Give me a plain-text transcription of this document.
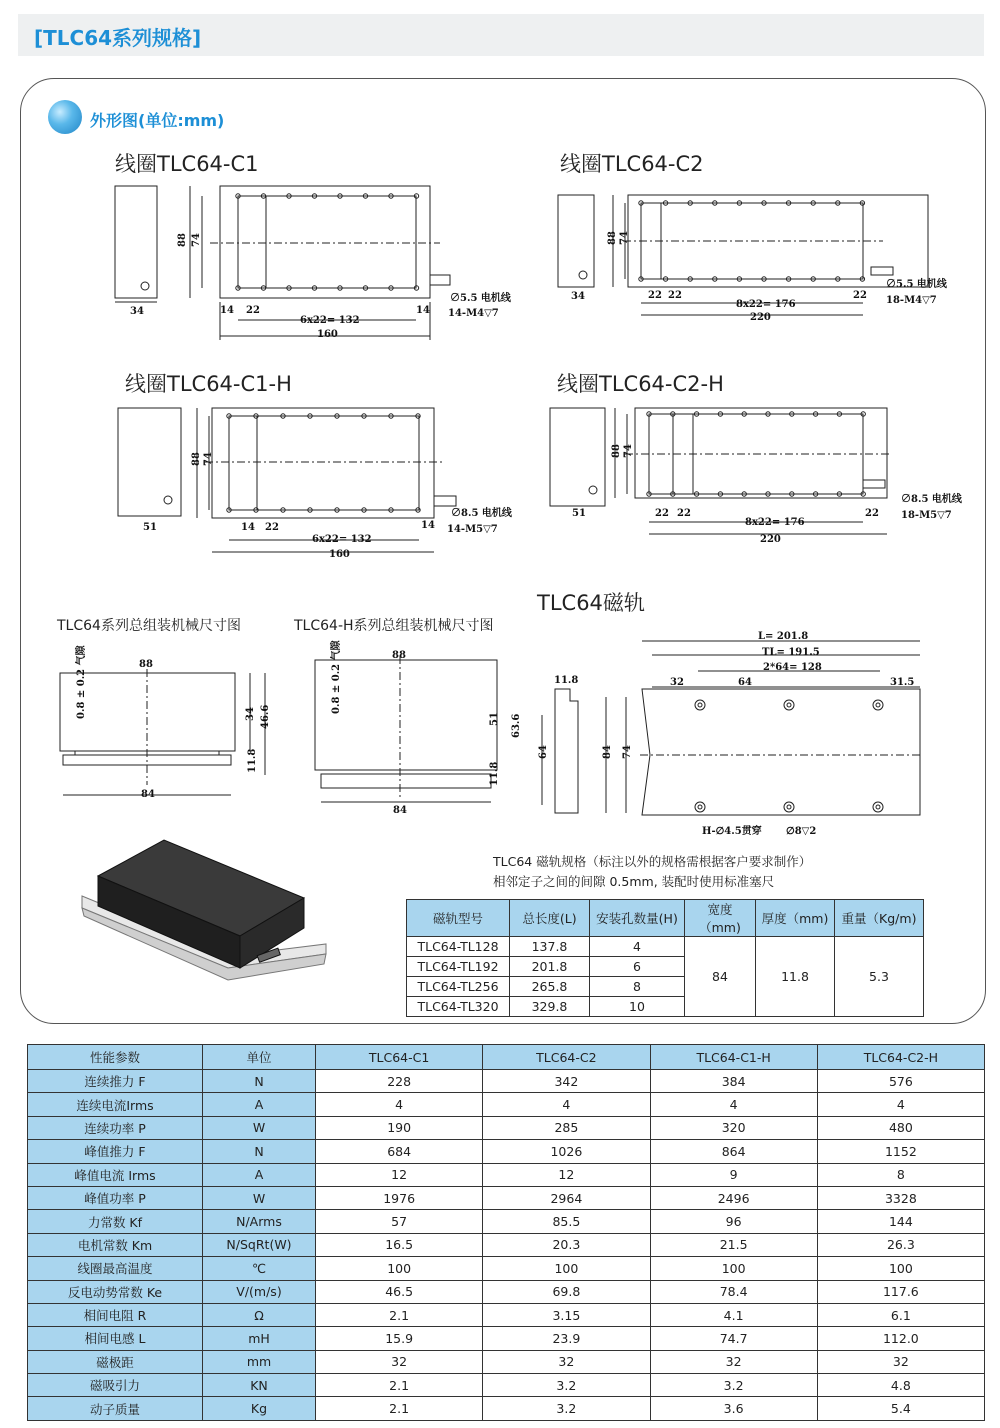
[TLC64系列规格]
外形图(单位:mm)
线圈TLC64-C1	线圈TLC64-C2
线圈TLC64-C1-H	线圈TLC64-C2-H
TLC64磁轨
TLC64系列总组装机械尺寸图	TLC64-H系列总组装机械尺寸图
34
88 74
14 22
6x22= 132
160
14
∅5.5 电机线
14-M4▽7
34
88 74
22 22
8x22= 176
220
22
∅5.5 电机线
18-M4▽7
51
88 74
14 22
6x22= 132
160
14
∅8.5 电机线
14-M5▽7
51
88 74
22 22
8x22= 176
220
22
∅8.5 电机线
18-M5▽7
88
0.8 ± 0.2 气隙	34 46.6
11.8
84
88
0.8 ± 0.2 气隙
51 63.6
11.8
84
11.8
64	84 74
L= 201.8
TL= 191.5
2*64= 128
32	64	31.5
H-∅4.5贯穿 ∅8▽2
TLC64 磁轨规格（标注以外的规格需根据客户要求制作）
相邻定子之间的间隙 0.5mm, 装配时使用标准塞尺
磁轨型号	总长度(L)	安装孔数量(H)	宽度（mm)	厚度（mm)	重量（Kg/m)
TLC64-TL128	137.8	4	84	11.8	5.3
TLC64-TL192	201.8	6			
TLC64-TL256	265.8	8			
TLC64-TL320	329.8	10			
性能参数	单位	TLC64-C1	TLC64-C2	TLC64-C1-H	TLC64-C2-H
连续推力 F	N	228	342	384	576
连续电流Irms	A	4	4	4	4
连续功率 P	W	190	285	320	480
峰值推力 F	N	684	1026	864	1152
峰值电流 Irms	A	12	12	9	8
峰值功率 P	W	1976	2964	2496	3328
力常数 Kf	N/Arms	57	85.5	96	144
电机常数 Km	N/SqRt(W)	16.5	20.3	21.5	26.3
线圈最高温度	℃	100	100	100	100
反电动势常数 Ke	V/(m/s)	46.5	69.8	78.4	117.6
相间电阻 R	Ω	2.1	3.15	4.1	6.1
相间电感 L	mH	15.9	23.9	74.7	112.0
磁极距	mm	32	32	32	32
磁吸引力	KN	2.1	3.2	3.2	4.8
动子质量	Kg	2.1	3.2	3.6	5.4
